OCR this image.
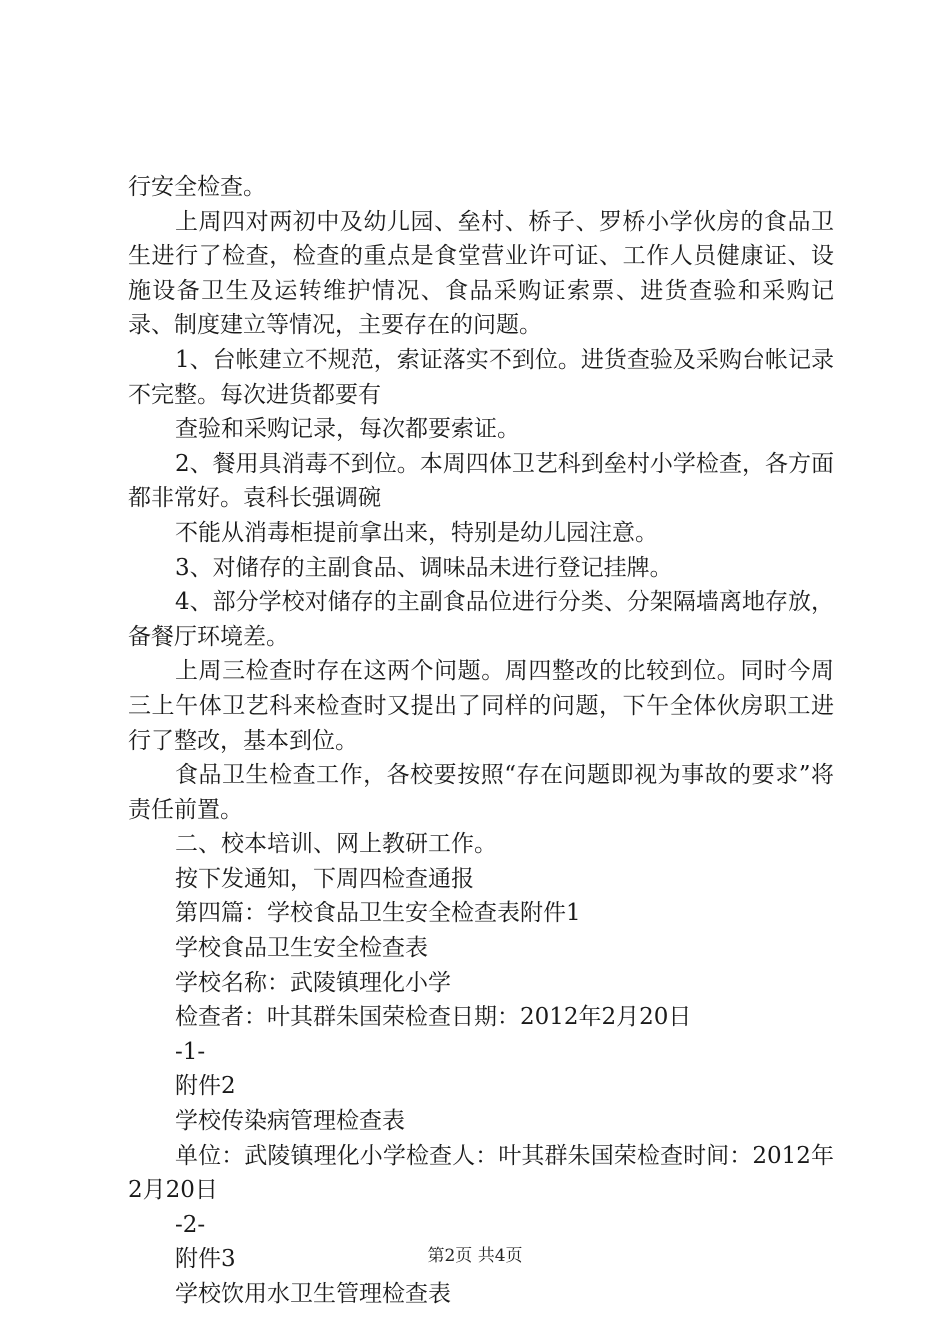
行安全检查。

上周四对两初中及幼儿园、垒村、桥子、罗桥小学伙房的食品卫生进行了检查，检查的重点是食堂营业许可证、工作人员健康证、设施设备卫生及运转维护情况、食品采购证索票、进货查验和采购记录、制度建立等情况，主要存在的问题。

1、台帐建立不规范，索证落实不到位。进货查验及采购台帐记录不完整。每次进货都要有

查验和采购记录，每次都要索证。

2、餐用具消毒不到位。本周四体卫艺科到垒村小学检查，各方面都非常好。袁科长强调碗

不能从消毒柜提前拿出来，特别是幼儿园注意。

3、对储存的主副食品、调味品未进行登记挂牌。

4、部分学校对储存的主副食品位进行分类、分架隔墙离地存放，备餐厅环境差。

上周三检查时存在这两个问题。周四整改的比较到位。同时今周三上午体卫艺科来检查时又提出了同样的问题，下午全体伙房职工进行了整改，基本到位。

食品卫生检查工作，各校要按照“存在问题即视为事故的要求”将责任前置。

二、校本培训、网上教研工作。

按下发通知，下周四检查通报

第四篇：学校食品卫生安全检查表附件1

学校食品卫生安全检查表

学校名称：武陵镇理化小学

检查者：叶其群朱国荣检查日期：2012年2月20日

-1-

附件2

学校传染病管理检查表

单位：武陵镇理化小学检查人：叶其群朱国荣检查时间：2012年2月20日

-2-

附件3

学校饮用水卫生管理检查表

第2页 共4页
